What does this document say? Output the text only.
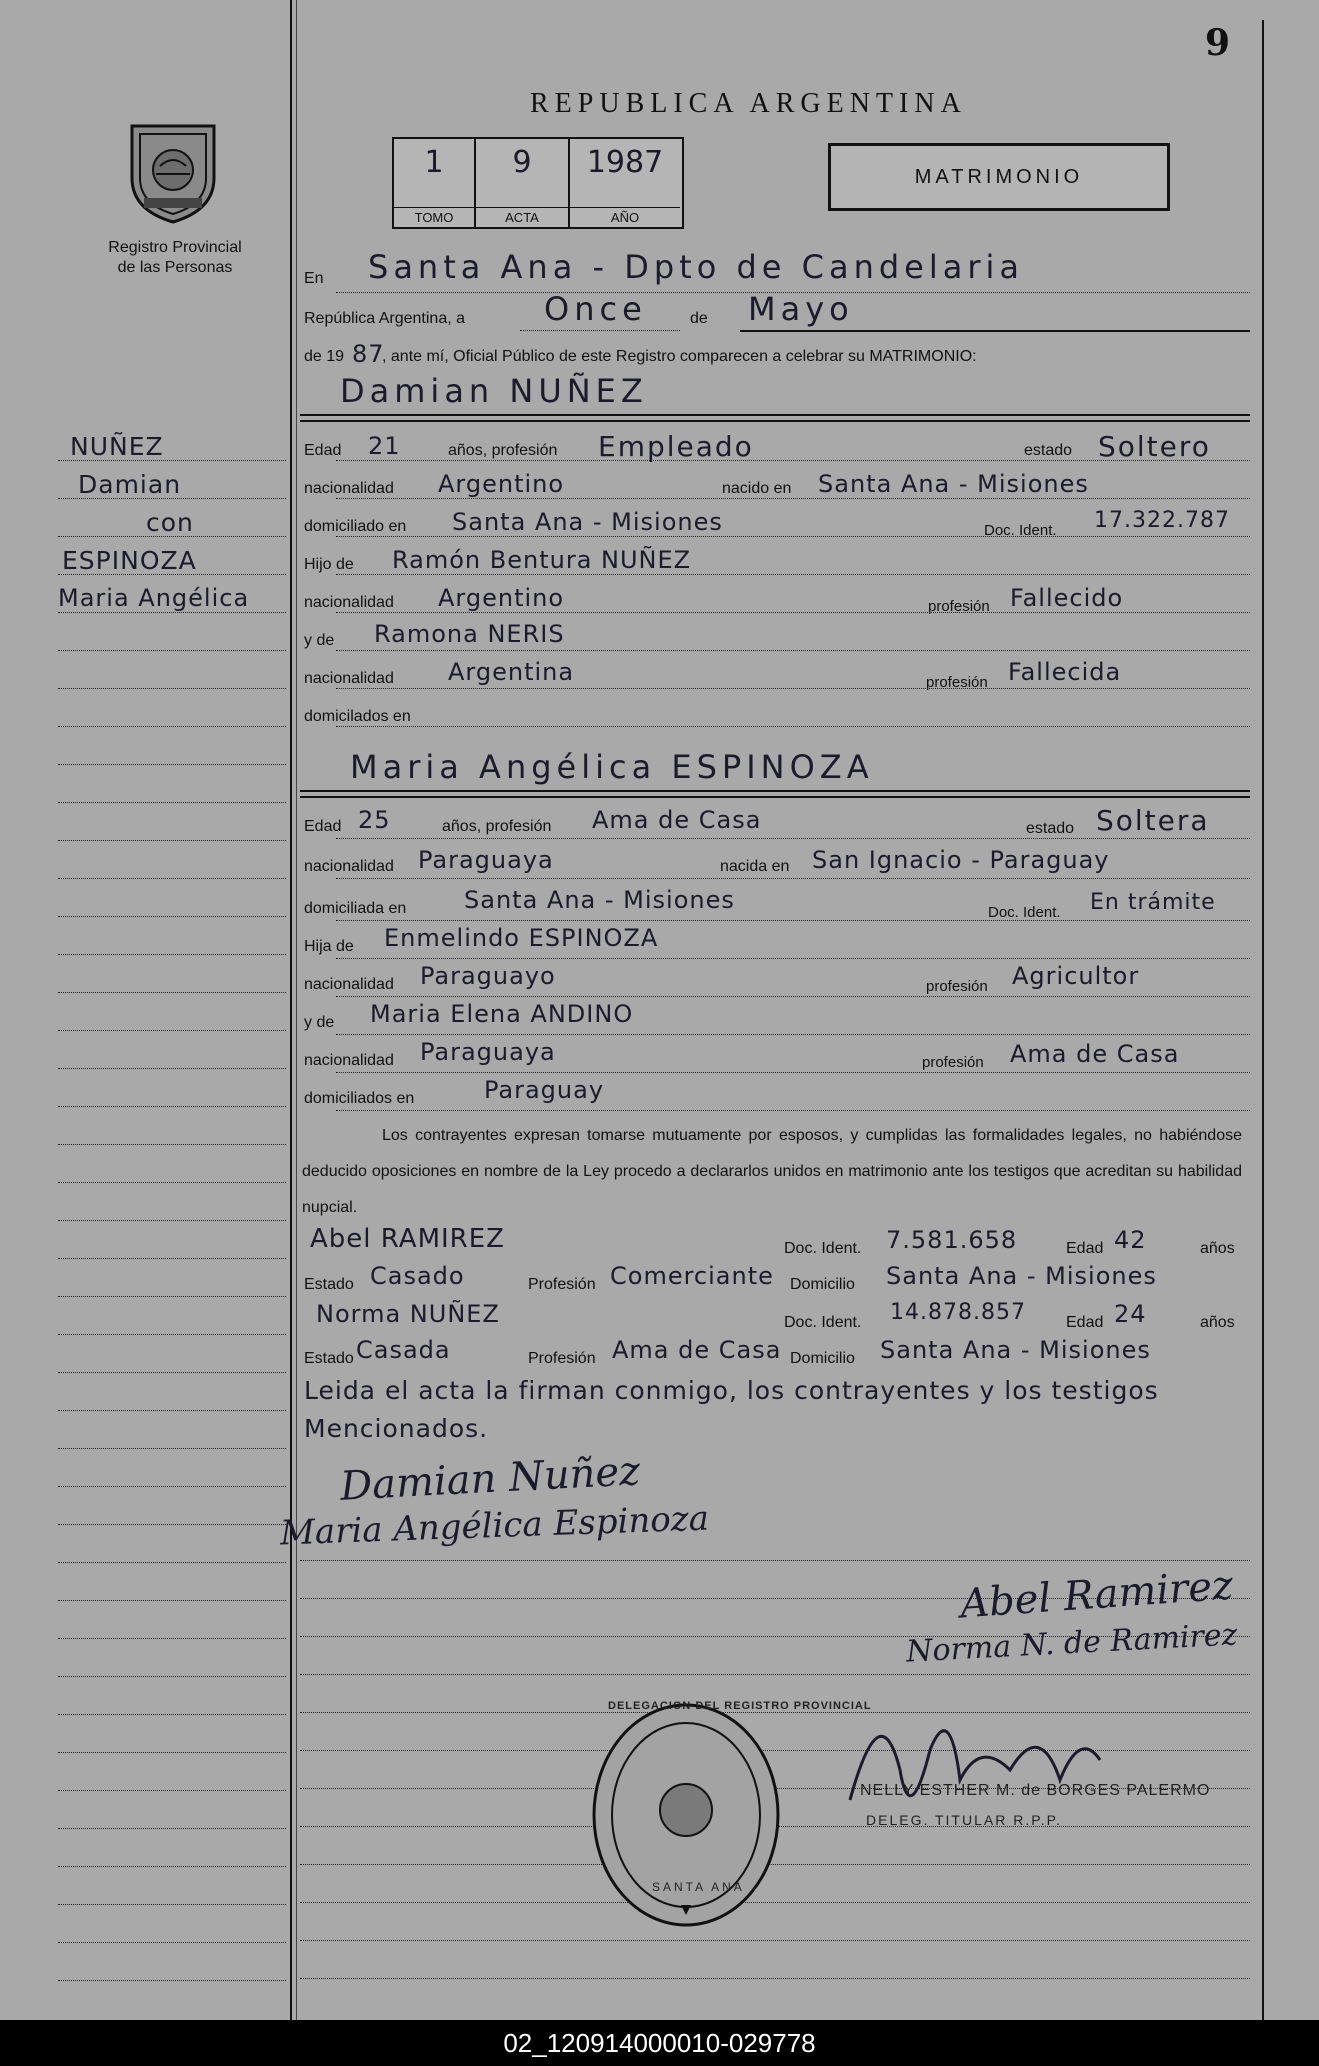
9
REPUBLICA ARGENTINA
1
TOMO
9
ACTA
1987
AÑO
MATRIMONIO
Registro Provincial
de las Personas
NUÑEZ
Damian
con
ESPINOZA
Maria Angélica
En Santa Ana - Dpto de Candelaria
República Argentina, a Once	de Mayo
de 19 87
, ante mí, Oficial Público de este Registro comparecen a celebrar su MATRIMONIO:
Damian NUÑEZ
Edad 21	años, profesión Empleado	estado Soltero
nacionalidad Argentino	nacido en Santa Ana - Misiones
domiciliado en Santa Ana - Misiones	Doc. Ident. 17.322.787
Hijo de Ramón Bentura NUÑEZ
nacionalidad Argentino	profesión Fallecido
y de Ramona NERIS
nacionalidad Argentina	profesión Fallecida
domicilados en
Maria Angélica ESPINOZA
Edad 25	años, profesión Ama de Casa	estado Soltera
nacionalidad Paraguaya	nacida en San Ignacio - Paraguay
domiciliada en Santa Ana - Misiones	Doc. Ident. En trámite
Hija de Enmelindo ESPINOZA
nacionalidad Paraguayo	profesión Agricultor
y de Maria Elena ANDINO
nacionalidad Paraguaya	profesión Ama de Casa
domiciliados en	Paraguay
Los contrayentes expresan tomarse mutuamente por esposos, y cumplidas las formalidades legales, no habiéndose deducido oposiciones en nombre de la Ley procedo a declararlos unidos en matrimonio ante los testigos que acreditan su habilidad nupcial.
Abel RAMIREZ	Doc. Ident. 7.581.658	Edad 42	años
Estado Casado	Profesión Comerciante Domicilio Santa Ana - Misiones
Norma NUÑEZ	Doc. Ident. 14.878.857	Edad 24	años
Estado Casada	Profesión Ama de Casa Domicilio Santa Ana - Misiones
Leida el acta la firman conmigo, los contrayentes y los testigos Mencionados.
Damian Nuñez
Maria Angélica Espinoza
Abel Ramirez
Norma N. de Ramirez
NELLY ESTHER M. de BORGES PALERMO
DELEG. TITULAR R.P.P.
DELEGACION DEL REGISTRO PROVINCIAL
SANTA ANA
02_120914000010-029778
